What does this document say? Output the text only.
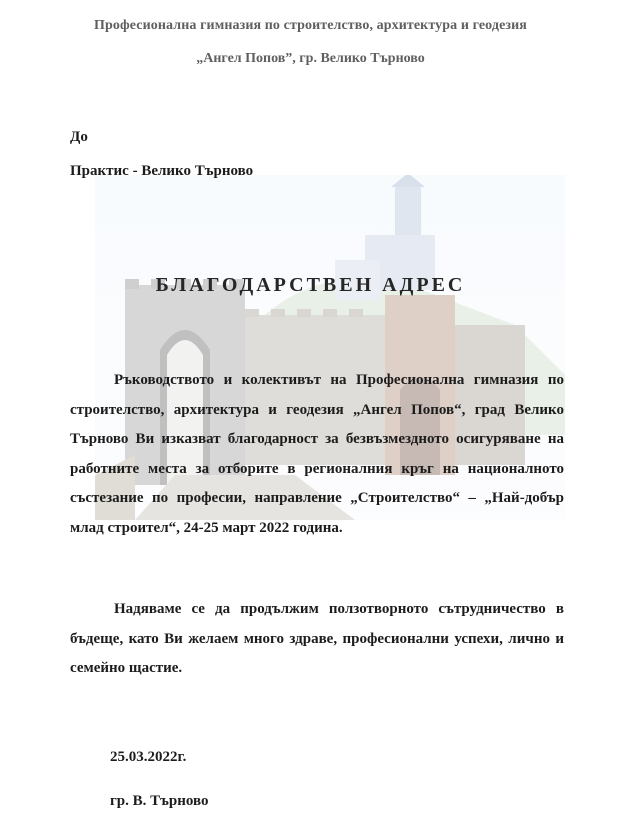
Професионална гимназия по строителство, архитектура и геодезия
„Ангел Попов”, гр. Велико Търново
До
Практис - Велико Търново
БЛАГОДАРСТВЕН АДРЕС

Ръководството и колективът на Професионална гимназия по строителство, архитектура и геодезия „Ангел Попов“, град Велико Търново Ви изказват благодарност за безвъзмездното осигуряване на работните места за отборите в регионалния кръг на националното състезание по професии, направление „Строителство“ – „Най-добър млад строител“, 24-25 март 2022 година.

Надяваме се да продължим ползотворното сътрудничество в бъдеще, като Ви желаем много здраве, професионални успехи, лично и семейно щастие.

25.03.2022г.
гр. В. Търново
